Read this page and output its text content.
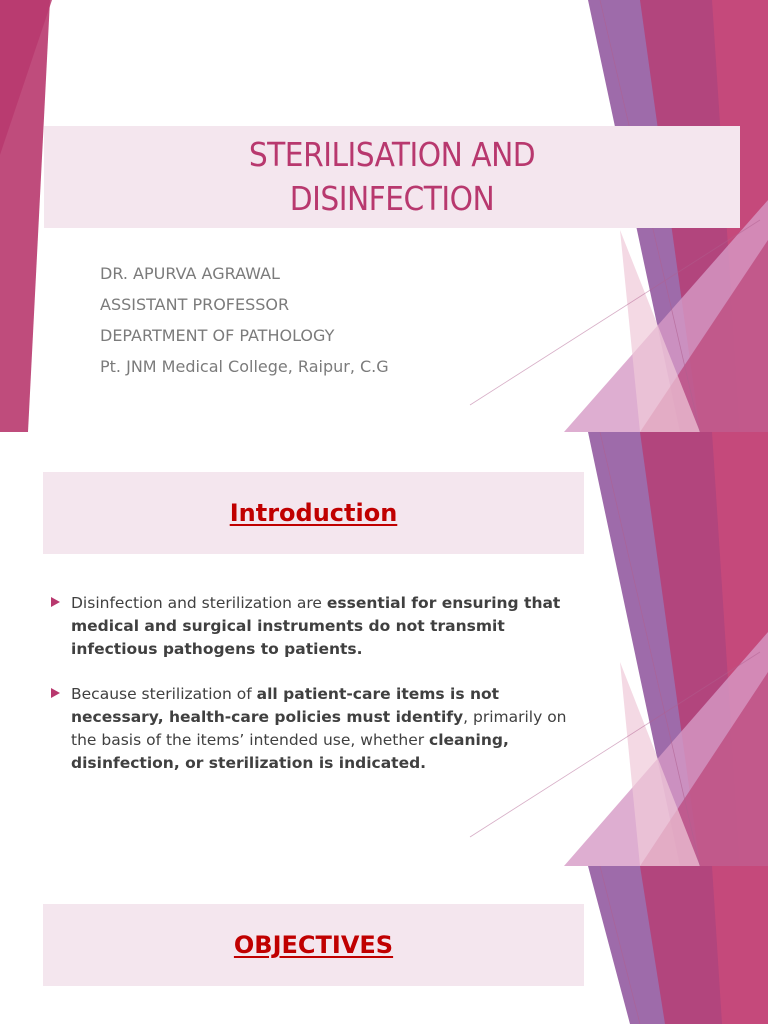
STERILISATION AND
DISINFECTION
DR. APURVA AGRAWAL
ASSISTANT PROFESSOR
DEPARTMENT OF PATHOLOGY
Pt. JNM Medical College, Raipur, C.G
Introduction
Disinfection and sterilization are essential for ensuring that medical and surgical instruments do not transmit infectious pathogens to patients.
Because sterilization of all patient-care items is not necessary, health-care policies must identify, primarily on the basis of the items’ intended use, whether cleaning, disinfection, or sterilization is indicated.
OBJECTIVES
